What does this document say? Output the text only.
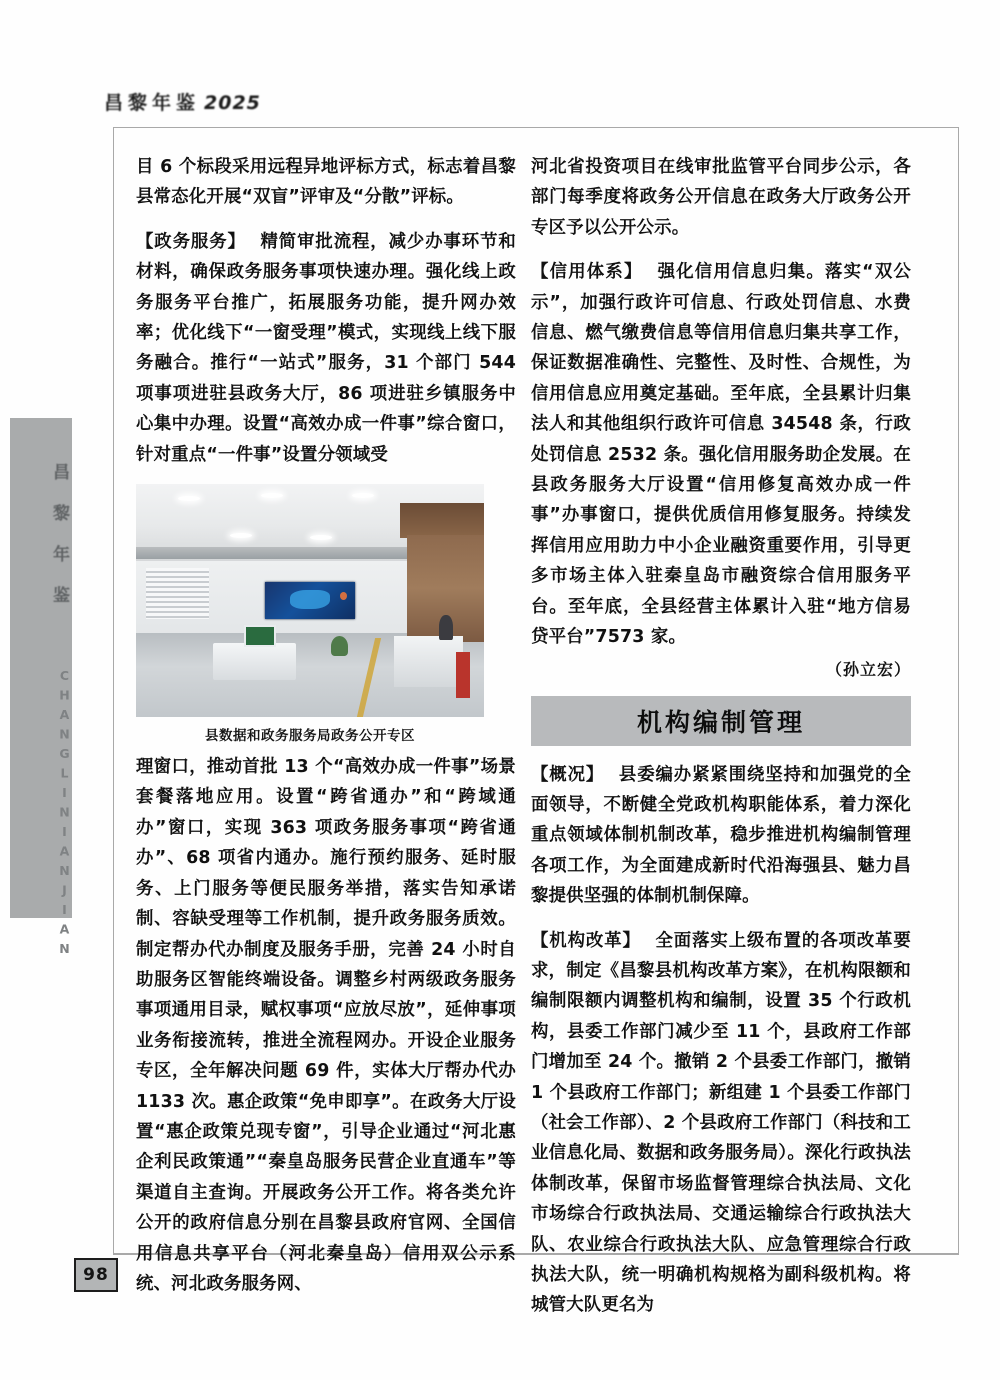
昌黎年鉴 2025
昌黎年鉴
CHANGLINIANJIAN
98

目 6 个标段采用远程异地评标方式，标志着昌黎县常态化开展“双盲”评审及“分散”评标。

【政务服务】 精简审批流程，减少办事环节和材料，确保政务服务事项快速办理。强化线上政务服务平台推广，拓展服务功能，提升网办效率；优化线下“一窗受理”模式，实现线上线下服务融合。推行“一站式”服务，31 个部门 544 项事项进驻县政务大厅，86 项进驻乡镇服务中心集中办理。设置“高效办成一件事”综合窗口，针对重点“一件事”设置分领域受

县数据和政务服务局政务公开专区

理窗口，推动首批 13 个“高效办成一件事”场景套餐落地应用。设置“跨省通办”和“跨域通办”窗口，实现 363 项政务服务事项“跨省通办”、68 项省内通办。施行预约服务、延时服务、上门服务等便民服务举措，落实告知承诺制、容缺受理等工作机制，提升政务服务质效。制定帮办代办制度及服务手册，完善 24 小时自助服务区智能终端设备。调整乡村两级政务服务事项通用目录，赋权事项“应放尽放”，延伸事项业务衔接流转，推进全流程网办。开设企业服务专区，全年解决问题 69 件，实体大厅帮办代办 1133 次。惠企政策“免申即享”。在政务大厅设置“惠企政策兑现专窗”，引导企业通过“河北惠企利民政策通”“秦皇岛服务民营企业直通车”等渠道自主查询。开展政务公开工作。将各类允许公开的政府信息分别在昌黎县政府官网、全国信用信息共享平台（河北秦皇岛）信用双公示系统、河北政务服务网、

河北省投资项目在线审批监管平台同步公示，各部门每季度将政务公开信息在政务大厅政务公开专区予以公开公示。

【信用体系】 强化信用信息归集。落实“双公示”，加强行政许可信息、行政处罚信息、水费信息、燃气缴费信息等信用信息归集共享工作，保证数据准确性、完整性、及时性、合规性，为信用信息应用奠定基础。至年底，全县累计归集法人和其他组织行政许可信息 34548 条，行政处罚信息 2532 条。强化信用服务助企发展。在县政务服务大厅设置“信用修复高效办成一件事”办事窗口，提供优质信用修复服务。持续发挥信用应用助力中小企业融资重要作用，引导更多市场主体入驻秦皇岛市融资综合信用服务平台。至年底，全县经营主体累计入驻“地方信易贷平台”7573 家。

（孙立宏）

机构编制管理

【概况】 县委编办紧紧围绕坚持和加强党的全面领导，不断健全党政机构职能体系，着力深化重点领域体制机制改革，稳步推进机构编制管理各项工作，为全面建成新时代沿海强县、魅力昌黎提供坚强的体制机制保障。

【机构改革】 全面落实上级布置的各项改革要求，制定《昌黎县机构改革方案》，在机构限额和编制限额内调整机构和编制，设置 35 个行政机构，县委工作部门减少至 11 个，县政府工作部门增加至 24 个。撤销 2 个县委工作部门，撤销 1 个县政府工作部门；新组建 1 个县委工作部门（社会工作部）、2 个县政府工作部门（科技和工业信息化局、数据和政务服务局）。深化行政执法体制改革，保留市场监督管理综合执法局、文化市场综合行政执法局、交通运输综合行政执法大队、农业综合行政执法大队、应急管理综合行政执法大队，统一明确机构规格为副科级机构。将城管大队更名为
